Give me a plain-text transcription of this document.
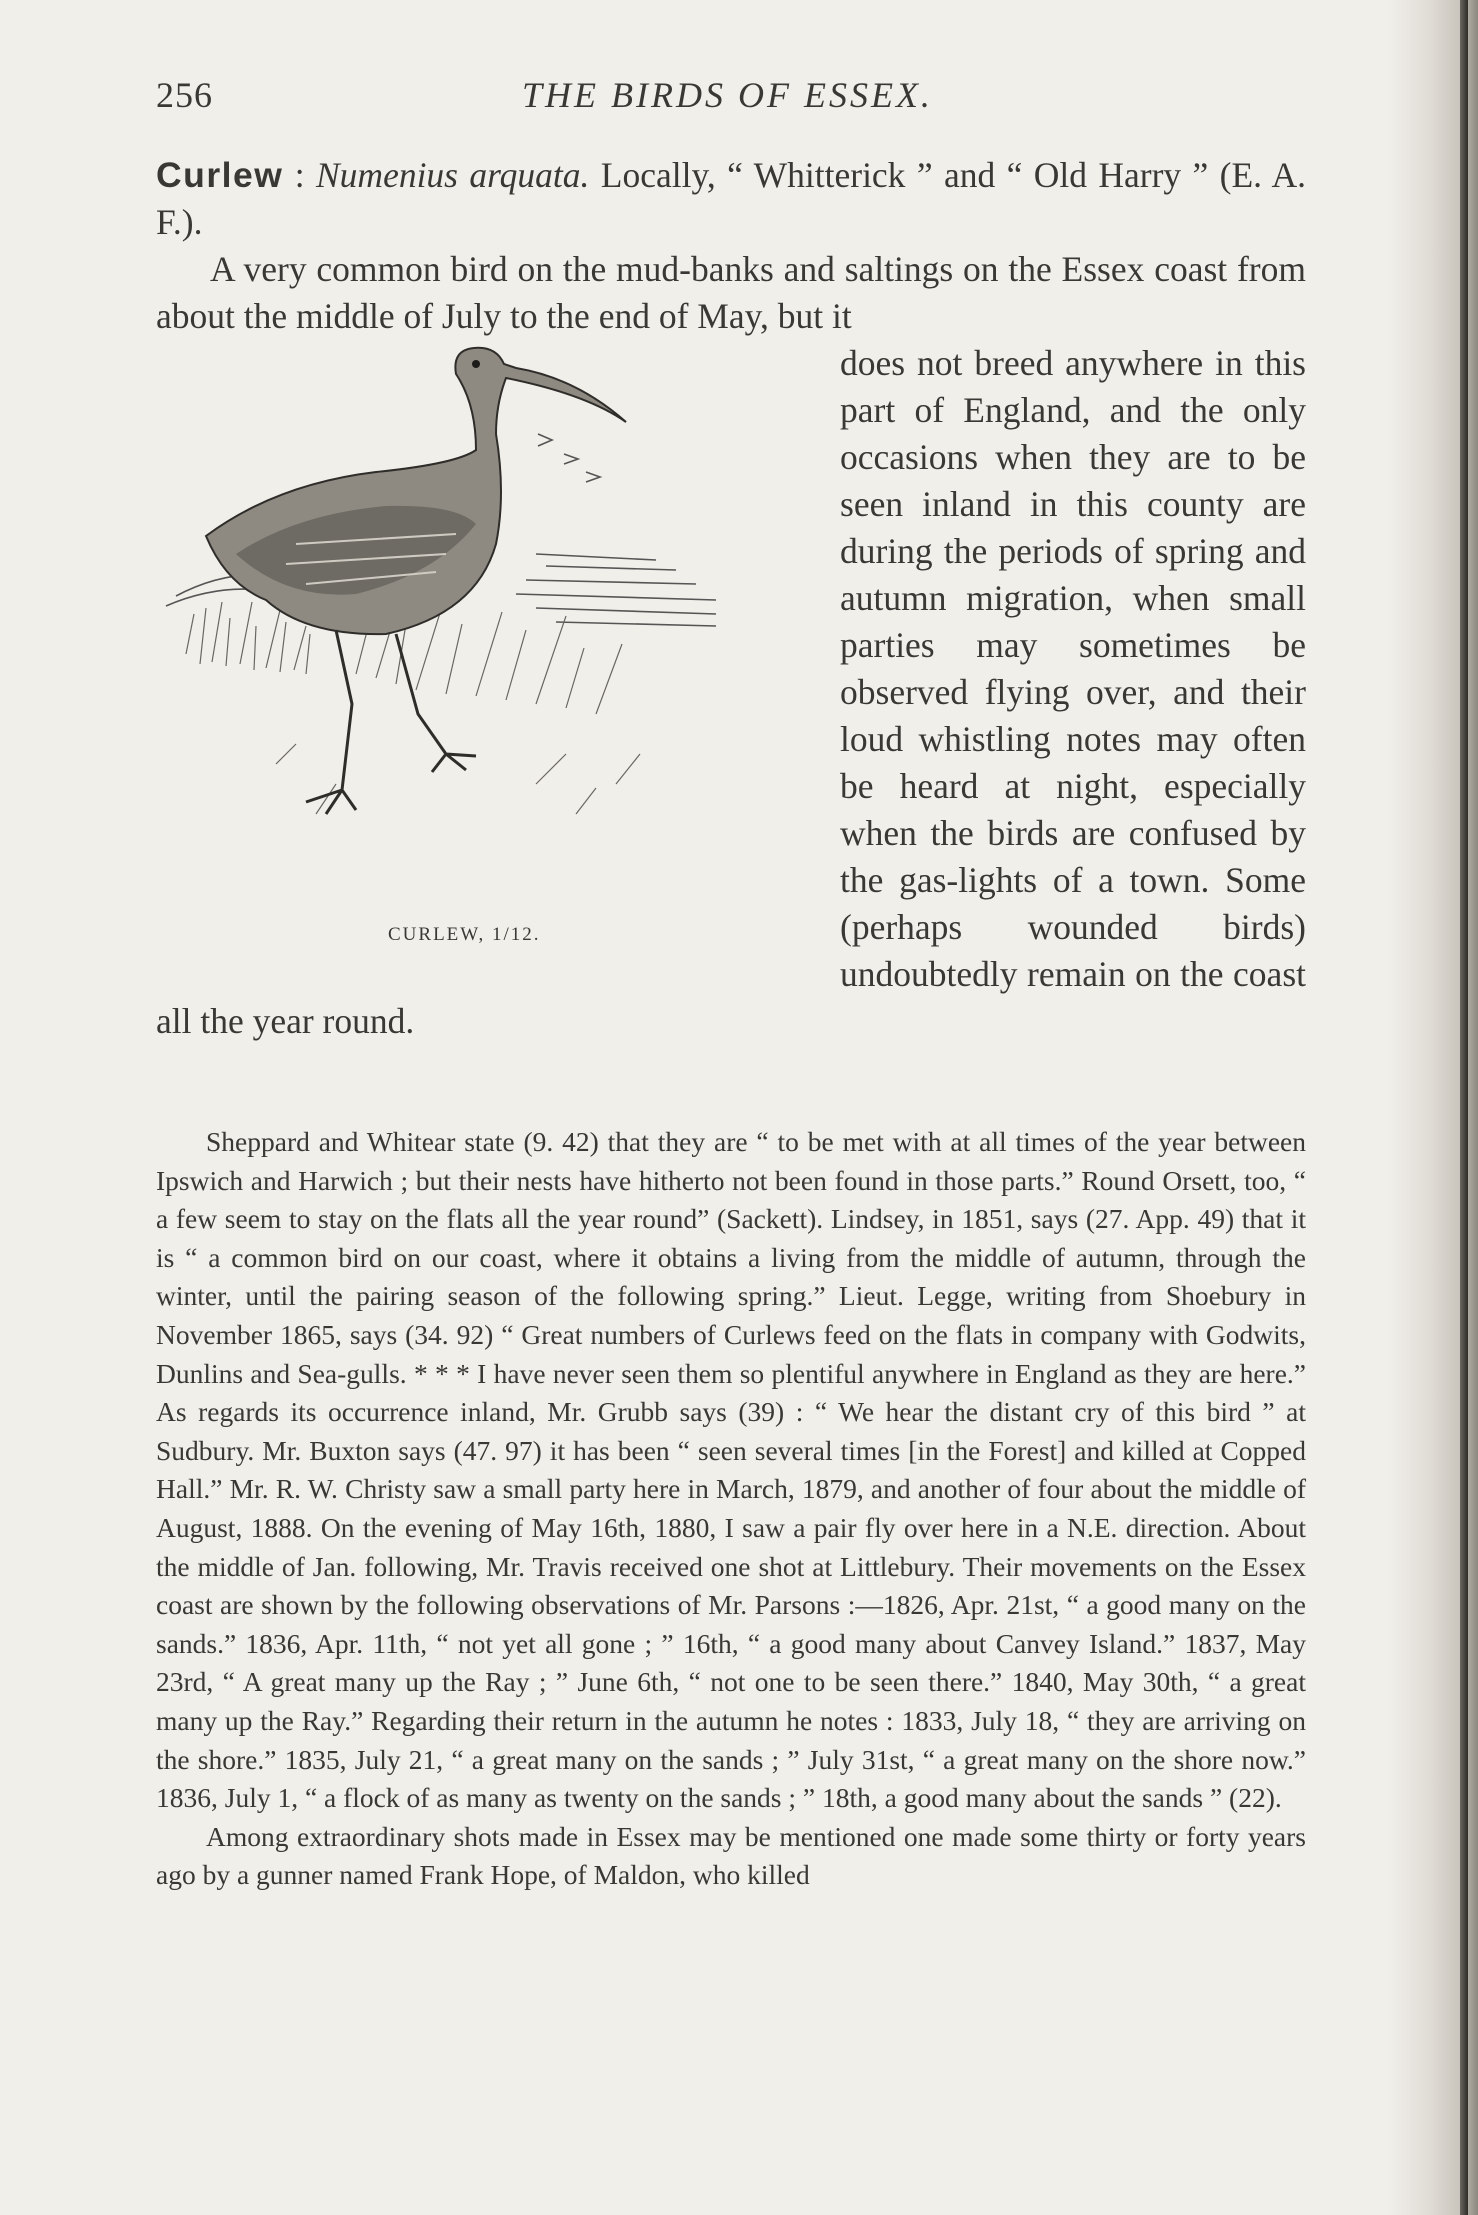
256	THE BIRDS OF ESSEX.

Curlew : Numenius arquata. Locally, “ Whitterick ” and “ Old Harry ” (E. A. F.).

A very common bird on the mud-banks and saltings on the Essex coast from about the middle of July to the end of May, but it

CURLEW, 1/12.

does not breed anywhere in this part of England, and the only occasions when they are to be seen inland in this county are during the periods of spring and autumn migration, when small parties may sometimes be observed flying over, and their loud whistling notes may often be heard at night, especially when the birds are confused by the gas-lights of a town. Some (perhaps wounded birds) undoubtedly remain on the coast all the year round.

Sheppard and Whitear state (9. 42) that they are “ to be met with at all times of the year between Ipswich and Harwich ; but their nests have hitherto not been found in those parts.” Round Orsett, too, “ a few seem to stay on the flats all the year round” (Sackett). Lindsey, in 1851, says (27. App. 49) that it is “ a common bird on our coast, where it obtains a living from the middle of autumn, through the winter, until the pairing season of the following spring.” Lieut. Legge, writing from Shoebury in November 1865, says (34. 92) “ Great numbers of Curlews feed on the flats in company with Godwits, Dunlins and Sea-gulls. * * * I have never seen them so plentiful anywhere in England as they are here.” As regards its occurrence inland, Mr. Grubb says (39) : “ We hear the distant cry of this bird ” at Sudbury. Mr. Buxton says (47. 97) it has been “ seen several times [in the Forest] and killed at Copped Hall.” Mr. R. W. Christy saw a small party here in March, 1879, and another of four about the middle of August, 1888. On the evening of May 16th, 1880, I saw a pair fly over here in a N.E. direction. About the middle of Jan. following, Mr. Travis received one shot at Littlebury. Their movements on the Essex coast are shown by the following observations of Mr. Parsons :—1826, Apr. 21st, “ a good many on the sands.” 1836, Apr. 11th, “ not yet all gone ; ” 16th, “ a good many about Canvey Island.” 1837, May 23rd, “ A great many up the Ray ; ” June 6th, “ not one to be seen there.” 1840, May 30th, “ a great many up the Ray.” Regarding their return in the autumn he notes : 1833, July 18, “ they are arriving on the shore.” 1835, July 21, “ a great many on the sands ; ” July 31st, “ a great many on the shore now.” 1836, July 1, “ a flock of as many as twenty on the sands ; ” 18th, a good many about the sands ” (22).

Among extraordinary shots made in Essex may be mentioned one made some thirty or forty years ago by a gunner named Frank Hope, of Maldon, who killed
